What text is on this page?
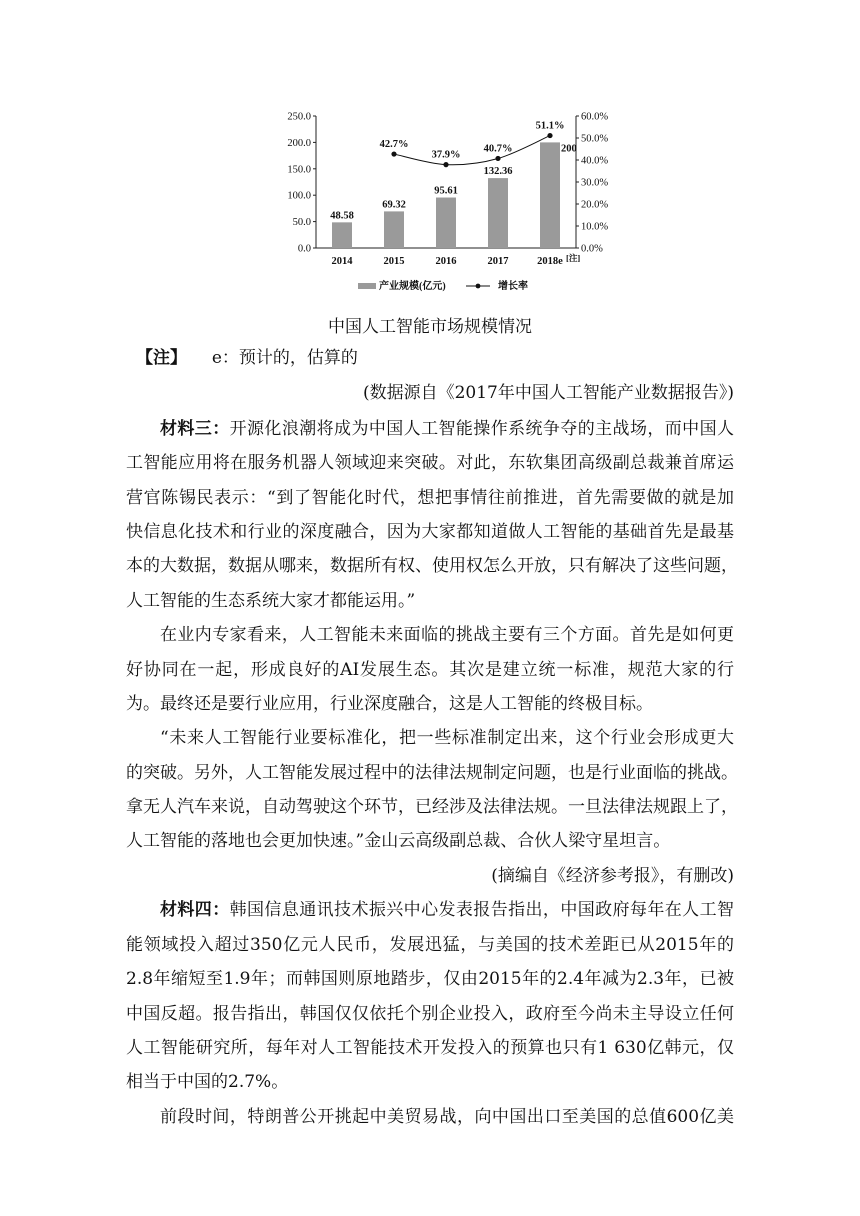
0.0
50.0
100.0
150.0
200.0
250.0
0.0%
10.0%
20.0%
30.0%
40.0%
50.0%
60.0%
48.58
69.32
95.61
132.36
200
2014	2015	2016	2017	2018e [注]
42.7%
37.9%
40.7%
51.1%
产业规模(亿元)	增长率
中国人工智能市场规模情况
【注】 e：预计的，估算的
(数据源自《2017年中国人工智能产业数据报告》)
材料三：开源化浪潮将成为中国人工智能操作系统争夺的主战场，而中国人
工智能应用将在服务机器人领域迎来突破。对此，东软集团高级副总裁兼首席运
营官陈锡民表示：“到了智能化时代，想把事情往前推进，首先需要做的就是加
快信息化技术和行业的深度融合，因为大家都知道做人工智能的基础首先是最基
本的大数据，数据从哪来，数据所有权、使用权怎么开放，只有解决了这些问题，
人工智能的生态系统大家才都能运用。”
在业内专家看来，人工智能未来面临的挑战主要有三个方面。首先是如何更
好协同在一起，形成良好的AI发展生态。其次是建立统一标准，规范大家的行
为。最终还是要行业应用，行业深度融合，这是人工智能的终极目标。
“未来人工智能行业要标准化，把一些标准制定出来，这个行业会形成更大
的突破。另外，人工智能发展过程中的法律法规制定问题，也是行业面临的挑战。
拿无人汽车来说，自动驾驶这个环节，已经涉及法律法规。一旦法律法规跟上了，
人工智能的落地也会更加快速。”金山云高级副总裁、合伙人梁守星坦言。
(摘编自《经济参考报》，有删改)
材料四：韩国信息通讯技术振兴中心发表报告指出，中国政府每年在人工智
能领域投入超过350亿元人民币，发展迅猛，与美国的技术差距已从2015年的
2.8年缩短至1.9年；而韩国则原地踏步，仅由2015年的2.4年减为2.3年，已被
中国反超。报告指出，韩国仅仅依托个别企业投入，政府至今尚未主导设立任何
人工智能研究所，每年对人工智能技术开发投入的预算也只有1 630亿韩元，仅
相当于中国的2.7%。
前段时间，特朗普公开挑起中美贸易战，向中国出口至美国的总值600亿美
